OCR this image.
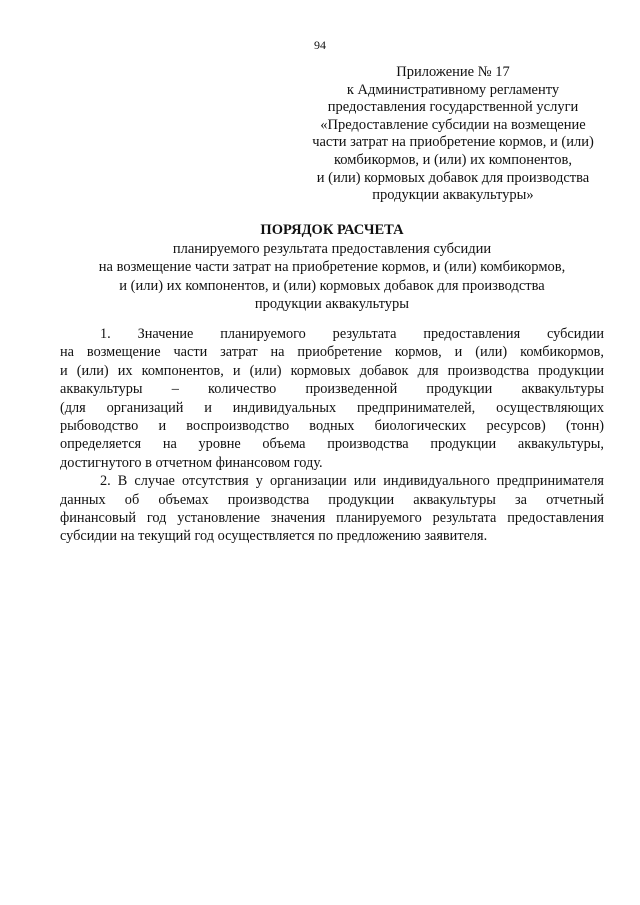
94
Приложение № 17
к Административному регламенту
предоставления государственной услуги
«Предоставление субсидии на возмещение
части затрат на приобретение кормов, и (или)
комбикормов, и (или) их компонентов,
и (или) кормовых добавок для производства
продукции аквакультуры»
ПОРЯДОК РАСЧЕТА
планируемого результата предоставления субсидии
на возмещение части затрат на приобретение кормов, и (или) комбикормов,
и (или) их компонентов, и (или) кормовых добавок для производства
продукции аквакультуры
1. Значение планируемого результата предоставления субсидии
на возмещение части затрат на приобретение кормов, и (или) комбикормов,
и (или) их компонентов, и (или) кормовых добавок для производства продукции
аквакультуры – количество произведенной продукции аквакультуры
(для организаций и индивидуальных предпринимателей, осуществляющих
рыбоводство и воспроизводство водных биологических ресурсов) (тонн)
определяется на уровне объема производства продукции аквакультуры,
достигнутого в отчетном финансовом году.
2. В случае отсутствия у организации или индивидуального предпринимателя
данных об объемах производства продукции аквакультуры за отчетный
финансовый год установление значения планируемого результата предоставления
субсидии на текущий год осуществляется по предложению заявителя.
